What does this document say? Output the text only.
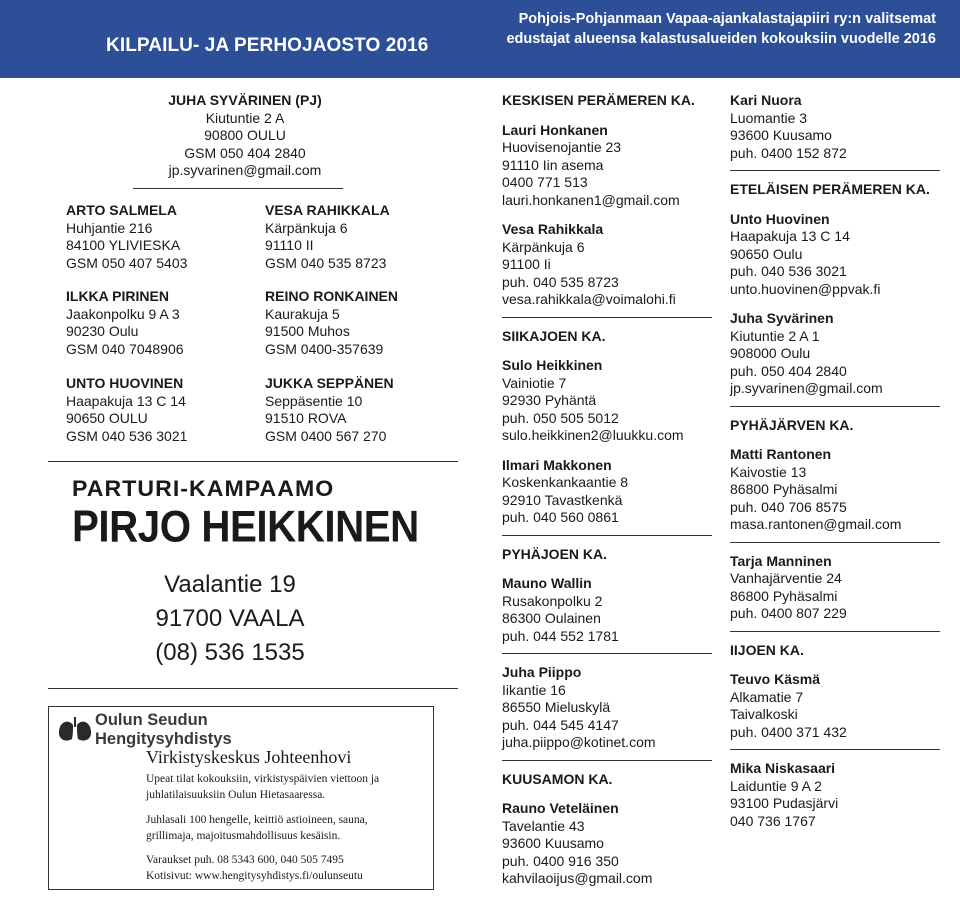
KILPAILU- JA PERHOJAOSTO 2016
Pohjois-Pohjanmaan Vapaa-ajankalastajapiiri ry:n valitsemat
edustajat alueensa kalastusalueiden kokouksiin vuodelle 2016
JUHA SYVÄRINEN (PJ)
Kiutuntie 2 A
90800 OULU
GSM 050 404 2840
jp.syvarinen@gmail.com
ARTO SALMELA
Huhjantie 216
84100 YLIVIESKA
GSM 050 407 5403
ILKKA PIRINEN
Jaakonpolku 9 A 3
90230 Oulu
GSM 040 7048906
UNTO HUOVINEN
Haapakuja 13 C 14
90650 OULU
GSM 040 536 3021
VESA RAHIKKALA
Kärpänkuja 6
91110 II
GSM 040 535 8723
REINO RONKAINEN
Kaurakuja 5
91500 Muhos
GSM 0400-357639
JUKKA SEPPÄNEN
Seppäsentie 10
91510 ROVA
GSM 0400 567 270
PARTURI-KAMPAAMO
PIRJO HEIKKINEN
Vaalantie 19
91700 VAALA
(08) 536 1535
Oulun Seudun
Hengitysyhdistys
Virkistyskeskus Johteenhovi
Upeat tilat kokouksiin, virkistyspäivien viettoon ja
juhlatilaisuuksiin Oulun Hietasaaressa.
Juhlasali 100 hengelle, keittiö astioineen, sauna,
grillimaja, majoitusmahdollisuus kesäisin.
Varaukset puh. 08 5343 600, 040 505 7495
Kotisivut: www.hengitysyhdistys.fi/oulunseutu
KESKISEN PERÄMEREN KA.
Lauri Honkanen
Huovisenojantie 23
91110 Iin asema
0400 771 513
lauri.honkanen1@gmail.com
Vesa Rahikkala
Kärpänkuja 6
91100 Ii
puh. 040 535 8723
vesa.rahikkala@voimalohi.fi
SIIKAJOEN KA.
Sulo Heikkinen
Vainiotie 7
92930 Pyhäntä
puh. 050 505 5012
sulo.heikkinen2@luukku.com
Ilmari Makkonen
Koskenkankaantie 8
92910 Tavastkenkä
puh. 040 560 0861
PYHÄJOEN KA.
Mauno Wallin
Rusakonpolku 2
86300 Oulainen
puh. 044 552 1781
Juha Piippo
Iikantie 16
86550 Mieluskylä
puh. 044 545 4147
juha.piippo@kotinet.com
KUUSAMON KA.
Rauno Veteläinen
Tavelantie 43
93600 Kuusamo
puh. 0400 916 350
kahvilaoijus@gmail.com
Kari Nuora
Luomantie 3
93600 Kuusamo
puh. 0400 152 872
ETELÄISEN PERÄMEREN KA.
Unto Huovinen
Haapakuja 13 C 14
90650 Oulu
puh. 040 536 3021
unto.huovinen@ppvak.fi
Juha Syvärinen
Kiutuntie 2 A 1
908000 Oulu
puh. 050 404 2840
jp.syvarinen@gmail.com
PYHÄJÄRVEN KA.
Matti Rantonen
Kaivostie 13
86800 Pyhäsalmi
puh. 040 706 8575
masa.rantonen@gmail.com
Tarja Manninen
Vanhajärventie 24
86800 Pyhäsalmi
puh. 0400 807 229
IIJOEN KA.
Teuvo Käsmä
Alkamatie 7
Taivalkoski
puh. 0400 371 432
Mika Niskasaari
Laiduntie 9 A 2
93100 Pudasjärvi
040 736 1767
